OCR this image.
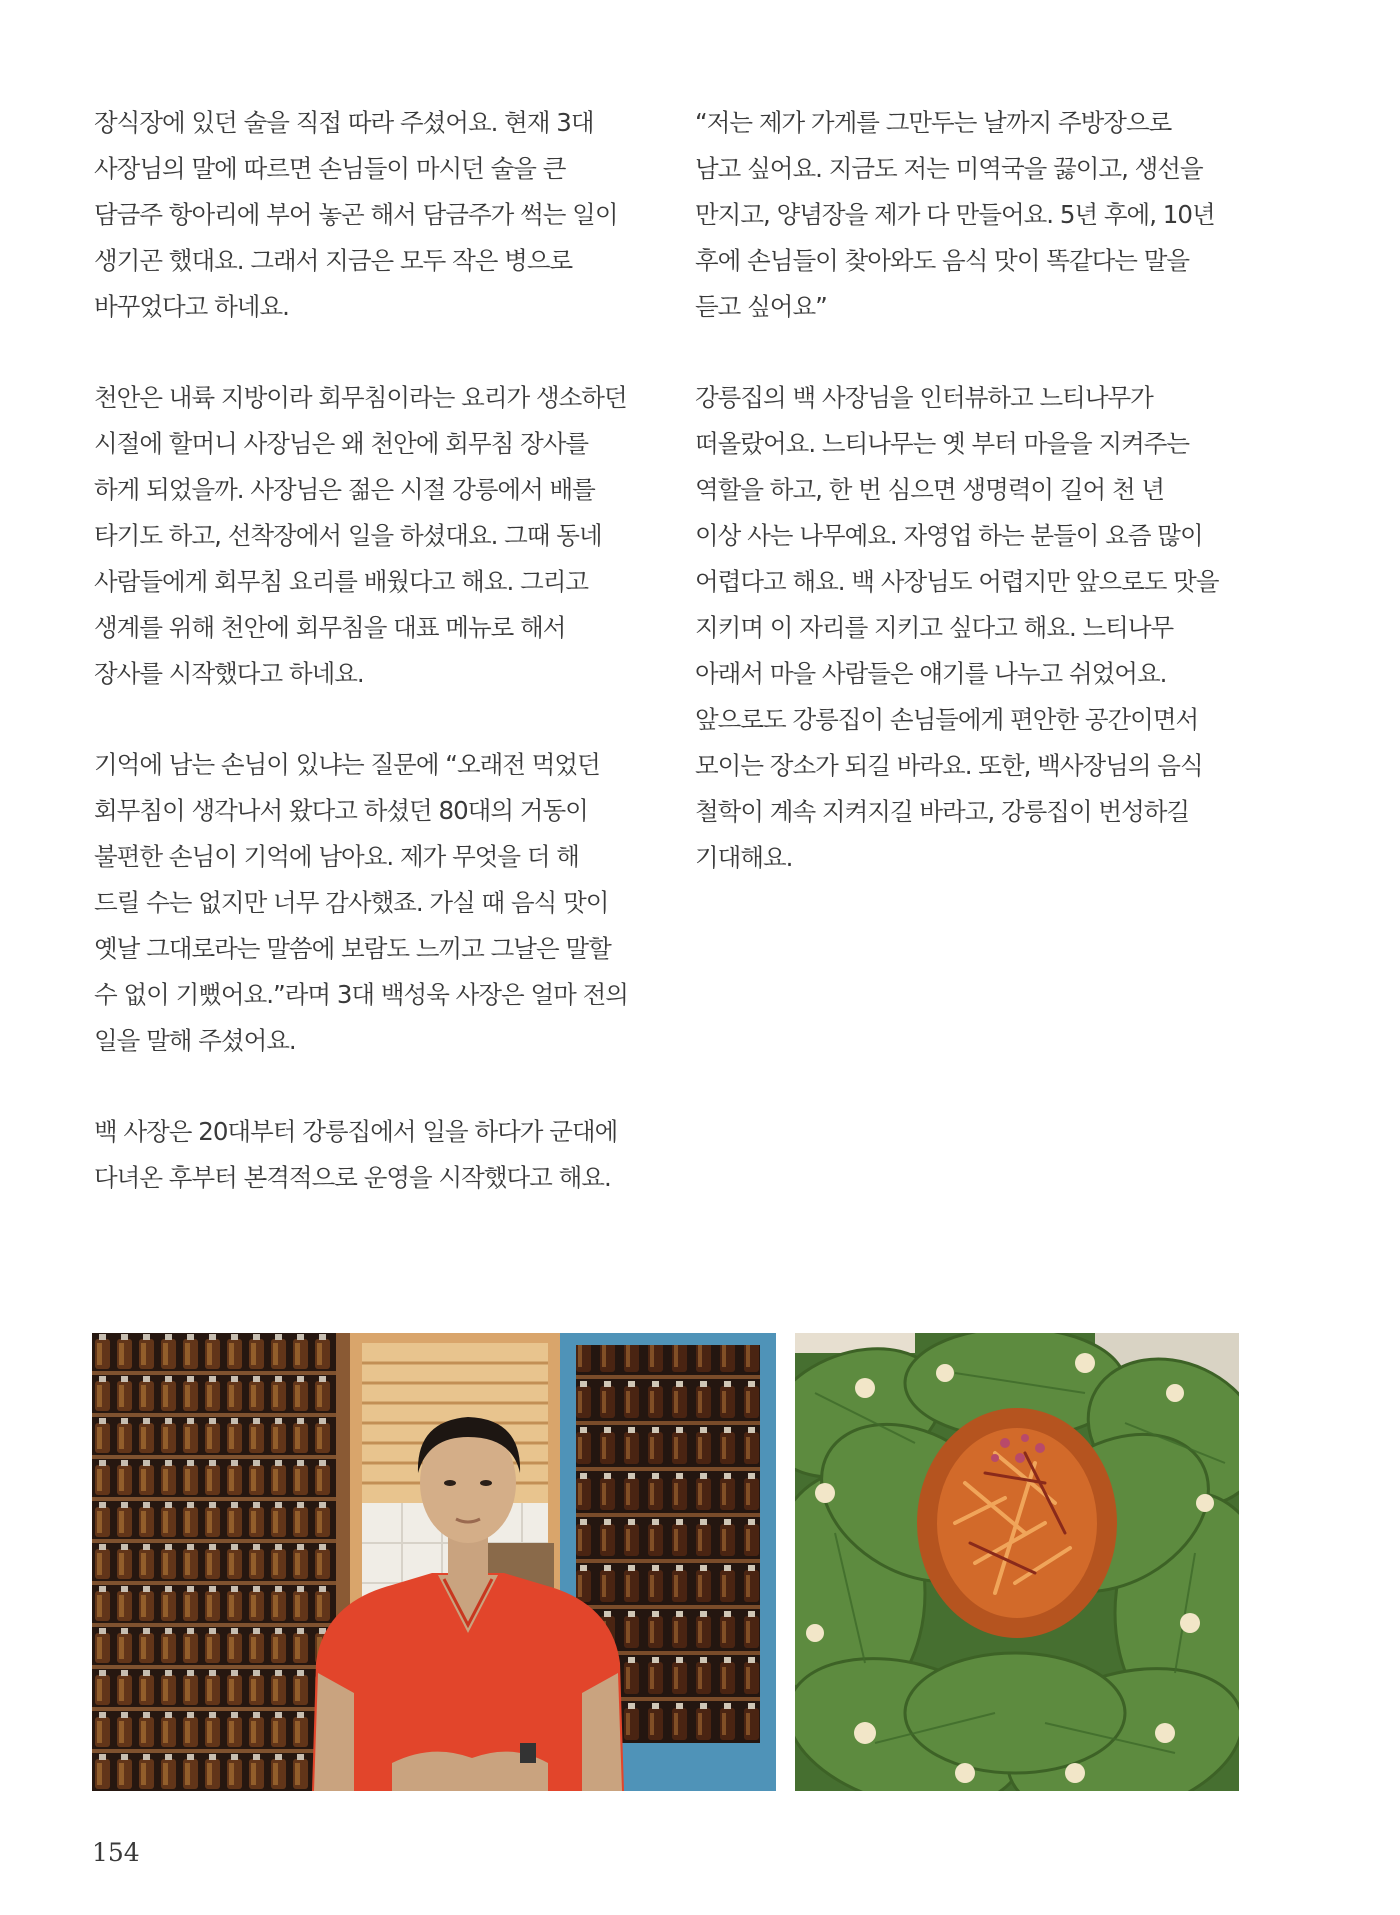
장식장에 있던 술을 직접 따라 주셨어요. 현재 3대
사장님의 말에 따르면 손님들이 마시던 술을 큰
담금주 항아리에 부어 놓곤 해서 담금주가 썩는 일이
생기곤 했대요. 그래서 지금은 모두 작은 병으로
바꾸었다고 하네요.

천안은 내륙 지방이라 회무침이라는 요리가 생소하던
시절에 할머니 사장님은 왜 천안에 회무침 장사를
하게 되었을까. 사장님은 젊은 시절 강릉에서 배를
타기도 하고, 선착장에서 일을 하셨대요. 그때 동네
사람들에게 회무침 요리를 배웠다고 해요. 그리고
생계를 위해 천안에 회무침을 대표 메뉴로 해서
장사를 시작했다고 하네요.

기억에 남는 손님이 있냐는 질문에 “오래전 먹었던
회무침이 생각나서 왔다고 하셨던 80대의 거동이
불편한 손님이 기억에 남아요. 제가 무엇을 더 해
드릴 수는 없지만 너무 감사했죠. 가실 때 음식 맛이
옛날 그대로라는 말씀에 보람도 느끼고 그날은 말할
수 없이 기뻤어요.”라며 3대 백성욱 사장은 얼마 전의
일을 말해 주셨어요.

백 사장은 20대부터 강릉집에서 일을 하다가 군대에
다녀온 후부터 본격적으로 운영을 시작했다고 해요.

“저는 제가 가게를 그만두는 날까지 주방장으로
남고 싶어요. 지금도 저는 미역국을 끓이고, 생선을
만지고, 양념장을 제가 다 만들어요. 5년 후에, 10년
후에 손님들이 찾아와도 음식 맛이 똑같다는 말을
듣고 싶어요”

강릉집의 백 사장님을 인터뷰하고 느티나무가
떠올랐어요. 느티나무는 옛 부터 마을을 지켜주는
역할을 하고, 한 번 심으면 생명력이 길어 천 년
이상 사는 나무예요. 자영업 하는 분들이 요즘 많이
어렵다고 해요. 백 사장님도 어렵지만 앞으로도 맛을
지키며 이 자리를 지키고 싶다고 해요. 느티나무
아래서 마을 사람들은 얘기를 나누고 쉬었어요.
앞으로도 강릉집이 손님들에게 편안한 공간이면서
모이는 장소가 되길 바라요. 또한, 백사장님의 음식
철학이 계속 지켜지길 바라고, 강릉집이 번성하길
기대해요.

154
